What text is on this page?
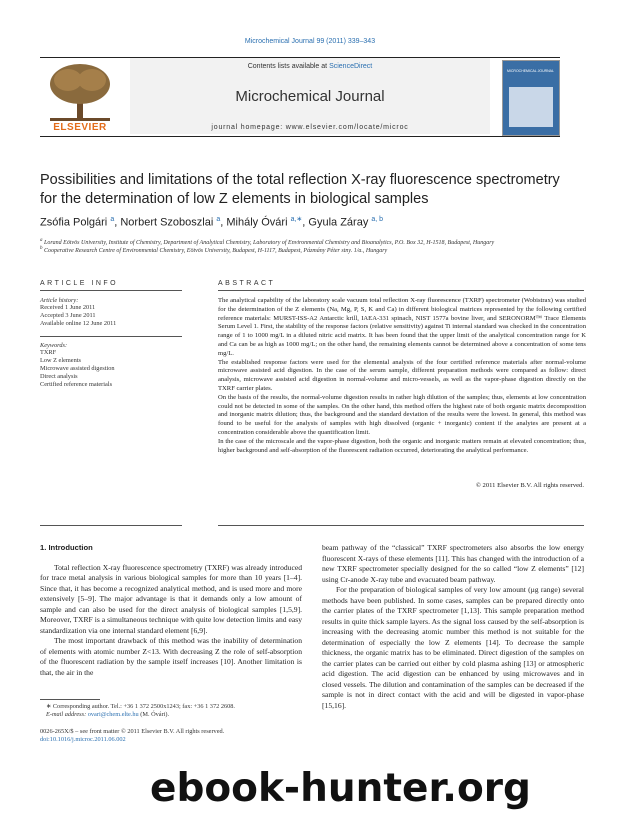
Microchemical Journal 99 (2011) 339–343
ELSEVIER
Contents lists available at ScienceDirect
Microchemical Journal
journal homepage: www.elsevier.com/locate/microc
MICROCHEMICAL JOURNAL
Possibilities and limitations of the total reflection X-ray fluorescence spectrometry for the determination of low Z elements in biological samples
Zsófia Polgári $^a$, Norbert Szoboszlai $^a$, Mihály Óvári $^{a,∗}$, Gyula Záray $^{a, b}$
$^a$ Lorand Eötvös University, Institute of Chemistry, Department of Analytical Chemistry, Laboratory of Environmental Chemistry and Bioanalytics, P.O. Box 32, H-1518, Budapest, Hungary
$^b$ Cooperative Research Centre of Environmental Chemistry, Eötvös University, Budapest, H-1117, Budapest, Pázmány Péter stny. 1/a., Hungary
ARTICLE INFO
Article history:
Received 1 June 2011
Accepted 3 June 2011
Available online 12 June 2011
Keywords:
TXRF
Low Z elements
Microwave assisted digestion
Direct analysis
Certified reference materials
ABSTRACT

The analytical capability of the laboratory scale vacuum total reflection X-ray fluorescence (TXRF) spectrometer (Wobistrax) was studied for the determination of the Z elements (Na, Mg, P, S, K and Ca) in different biological matrices represented by the following certified reference materials: MURST-ISS-A2 Antarctic krill, IAEA-331 spinach, NIST 1577a bovine liver, and SERONORM™ Trace Elements Serum Level 1. First, the stability of the response factors (relative sensitivity) against Ti internal standard was checked in the concentration range of 1 to 1000 mg/L in a diluted nitric acid matrix. It has been found that the upper limit of the analytical concentration range for K and Ca can be as high as 1000 mg/L; on the other hand, the remaining elements cannot be determined above a concentration of some tens mg/L.

The established response factors were used for the elemental analysis of the four certified reference materials after normal-volume microwave assisted acid digestion. In the case of the serum sample, different preparation methods were compared as follow: direct analysis, microwave assisted acid digestion in normal-volume and micro-vessels, as well as the vapor-phase digestion directly on the TXRF carrier plates.

On the basis of the results, the normal-volume digestion results in rather high dilution of the samples; thus, elements at low concentration could not be detected in some of the samples. On the other hand, this method offers the highest rate of both organic matrix decomposition and inorganic matrix dilution; thus, the background and the standard deviation of the results were the lowest. In general, this method was found to be useful for the analysis of samples with high dissolved (organic + inorganic) content if the analytes are present at a concentration considerable above the quantification limit.

In the case of the microscale and the vapor-phase digestion, both the organic and inorganic matters remain at elevated concentration; thus, higher background and self-absorption of the fluorescent radiation occurred, deteriorating the analytical performance.

© 2011 Elsevier B.V. All rights reserved.
1. Introduction

Total reflection X-ray fluorescence spectrometry (TXRF) was already introduced for trace metal analysis in various biological samples for more than 10 years [1–4]. Since that, it has become a recognized analytical method, and is used more and more extensively [5–9]. The major advantage is that it demands only a low amount of sample and can also be used for the direct analysis of biological samples [1,5,9]. Moreover, TXRF is a simultaneous technique with quite low detection limits and easy standardization via one internal standard element [6,9].

The most important drawback of this method was the inability of determination of elements with atomic number Z<13. With decreasing Z the role of self-absorption of the fluorescent radiation by the sample itself increases [10]. Another limitation is that, the air in the

beam pathway of the “classical” TXRF spectrometers also absorbs the low energy fluorescent X-rays of these elements [11]. This has changed with the introduction of a new TXRF spectrometer specially designed for the so called “low Z elements” [12] using Cr-anode X-ray tube and evacuated beam pathway.

For the preparation of biological samples of very low amount (μg range) several methods have been published. In some cases, samples can be prepared directly onto the carrier plates of the TXRF spectrometer [1,13]. This sample preparation method results in quite thick sample layers. As the signal loss caused by the self-absorption is increasing with the decreasing atomic number this method is not suitable for the determination of especially the low Z elements [14]. To decrease the sample thickness, the organic matrix has to be eliminated. Direct digestion of the samples on the carrier plates can be carried out either by cold plasma ashing [13] or atmospheric acid digestion. The acid digestion can be enhanced by using microwaves and in closed vessels. The dilution and contamination of the samples can be decreased if the sample is not in direct contact with the acid and will be digested in vapor-phase [15,16].

∗ Corresponding author. Tel.: +36 1 372 2500x1243; fax: +36 1 372 2608.
E-mail address: ovari@chem.elte.hu (M. Óvári).
0026-265X/$ – see front matter © 2011 Elsevier B.V. All rights reserved.
doi:10.1016/j.microc.2011.06.002
ebook-hunter.org
